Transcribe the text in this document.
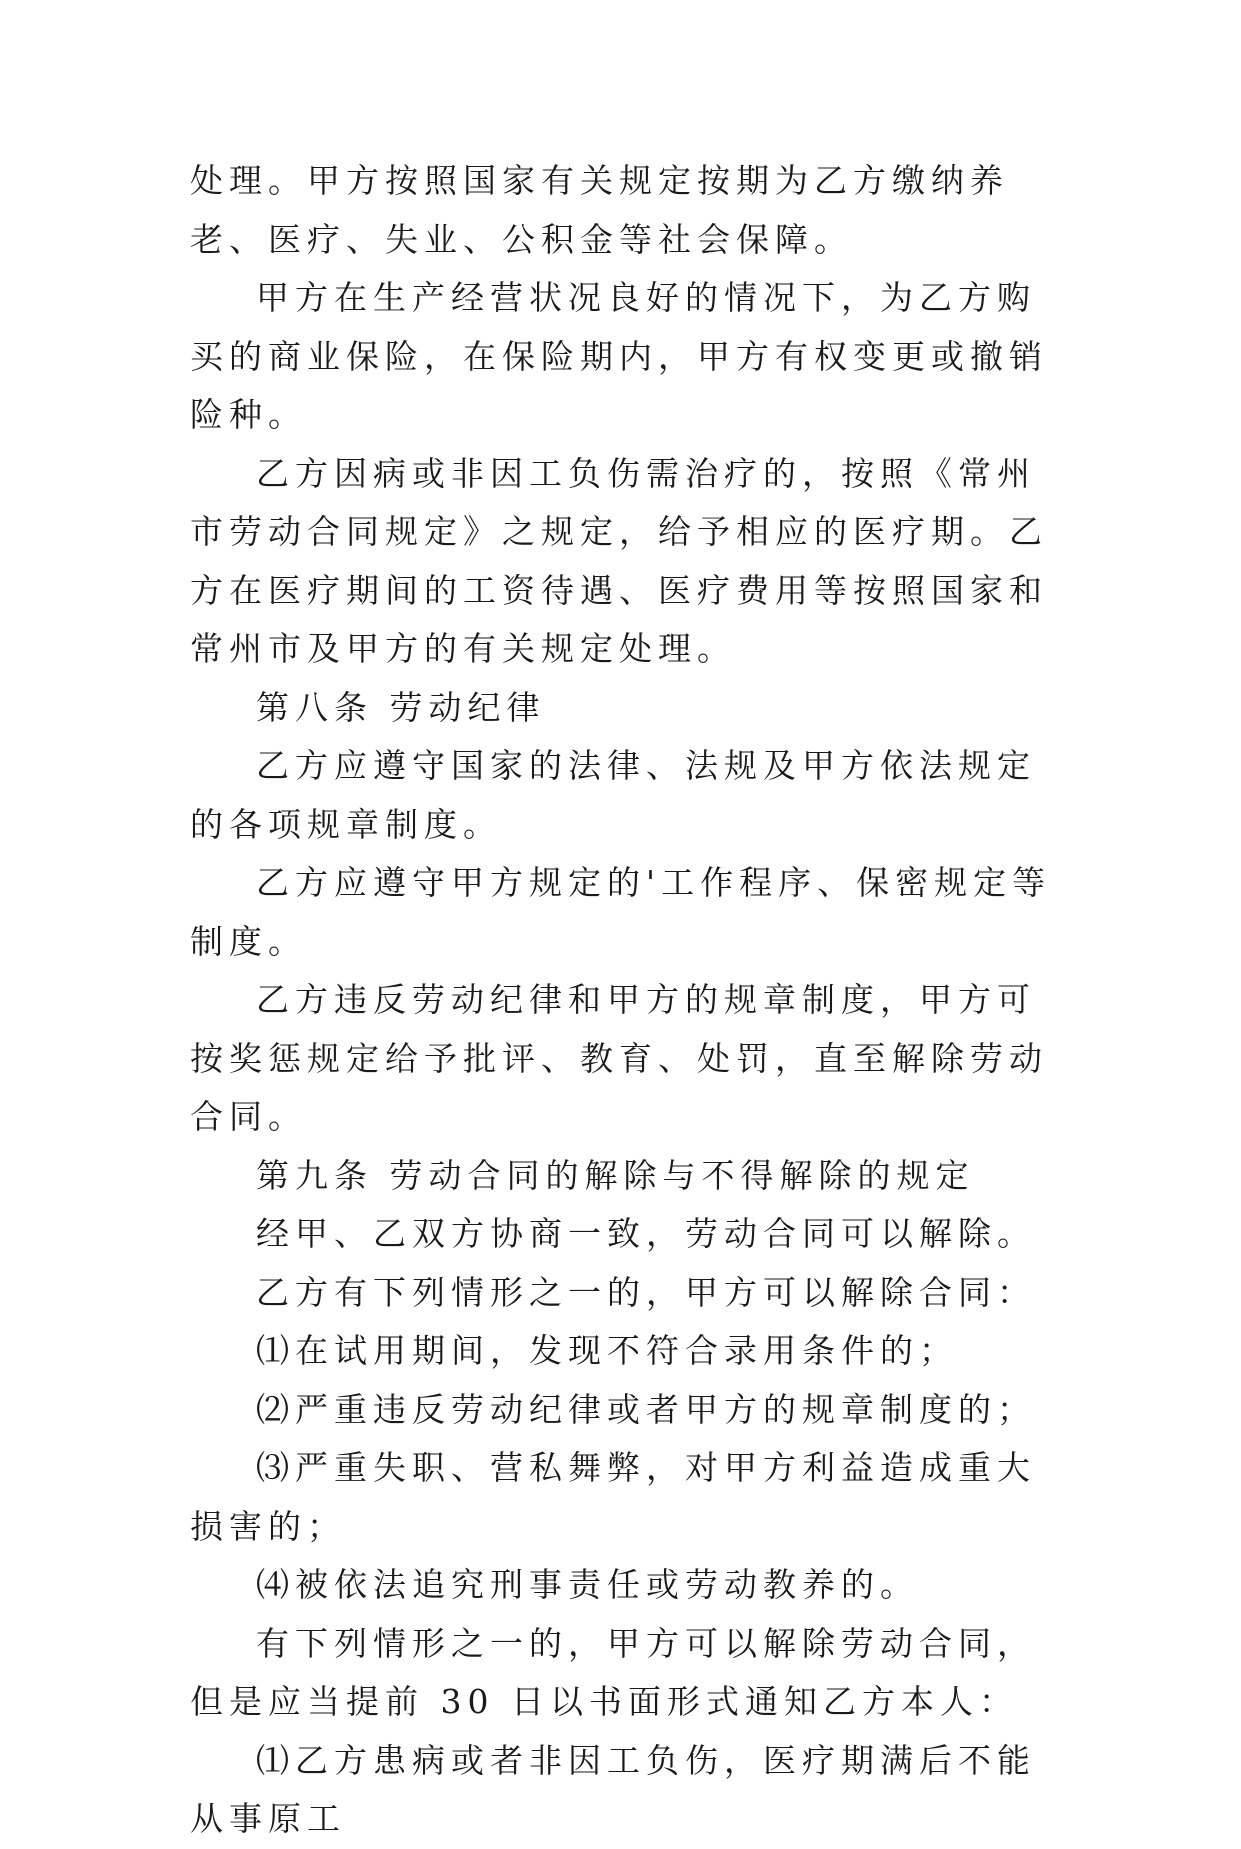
处理。甲方按照国家有关规定按期为乙方缴纳养老、医疗、失业、公积金等社会保障。

甲方在生产经营状况良好的情况下，为乙方购买的商业保险，在保险期内，甲方有权变更或撤销险种。

乙方因病或非因工负伤需治疗的，按照《常州市劳动合同规定》之规定，给予相应的医疗期。乙方在医疗期间的工资待遇、医疗费用等按照国家和常州市及甲方的有关规定处理。

第八条 劳动纪律

乙方应遵守国家的法律、法规及甲方依法规定的各项规章制度。

乙方应遵守甲方规定的'工作程序、保密规定等制度。

乙方违反劳动纪律和甲方的规章制度，甲方可按奖惩规定给予批评、教育、处罚，直至解除劳动合同。

第九条 劳动合同的解除与不得解除的规定

经甲、乙双方协商一致，劳动合同可以解除。

乙方有下列情形之一的，甲方可以解除合同：

⑴在试用期间，发现不符合录用条件的；

⑵严重违反劳动纪律或者甲方的规章制度的；

⑶严重失职、营私舞弊，对甲方利益造成重大损害的；

⑷被依法追究刑事责任或劳动教养的。

有下列情形之一的，甲方可以解除劳动合同，但是应当提前 30 日以书面形式通知乙方本人：

⑴乙方患病或者非因工负伤，医疗期满后不能从事原工
